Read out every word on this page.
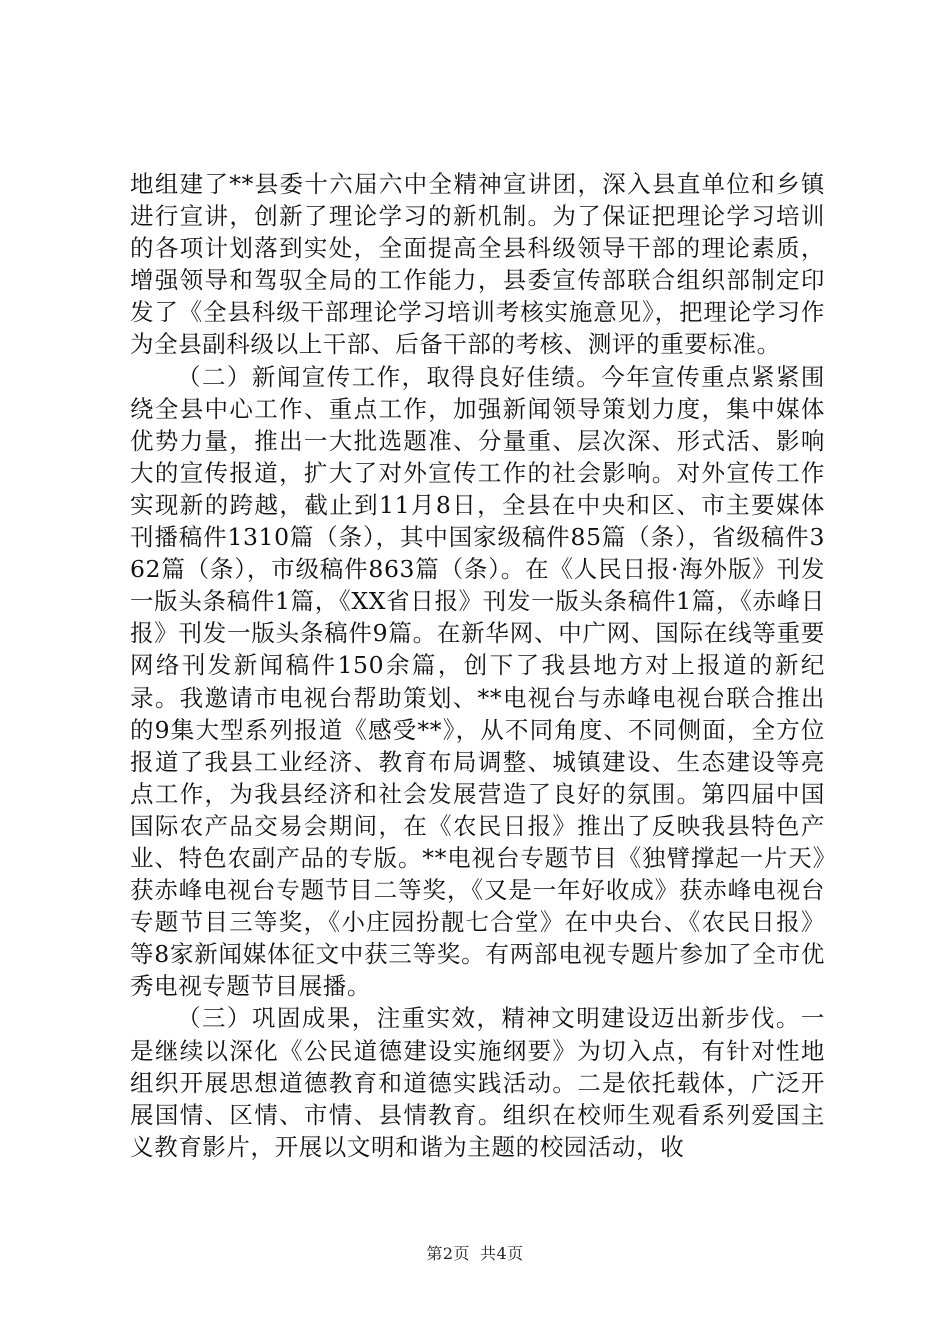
地组建了**县委十六届六中全精神宣讲团，深入县直单位和乡镇进行宣讲，创新了理论学习的新机制。为了保证把理论学习培训的各项计划落到实处，全面提高全县科级领导干部的理论素质，增强领导和驾驭全局的工作能力，县委宣传部联合组织部制定印发了《全县科级干部理论学习培训考核实施意见》，把理论学习作为全县副科级以上干部、后备干部的考核、测评的重要标准。

（二）新闻宣传工作，取得良好佳绩。今年宣传重点紧紧围绕全县中心工作、重点工作，加强新闻领导策划力度，集中媒体优势力量，推出一大批选题准、分量重、层次深、形式活、影响大的宣传报道，扩大了对外宣传工作的社会影响。对外宣传工作实现新的跨越，截止到11月8日，全县在中央和区、市主要媒体刊播稿件1310篇（条），其中国家级稿件85篇（条），省级稿件362篇（条），市级稿件863篇（条）。在《人民日报·海外版》刊发一版头条稿件1篇，《XX省日报》刊发一版头条稿件1篇，《赤峰日报》刊发一版头条稿件9篇。在新华网、中广网、国际在线等重要网络刊发新闻稿件150余篇，创下了我县地方对上报道的新纪录。我邀请市电视台帮助策划、**电视台与赤峰电视台联合推出的9集大型系列报道《感受**》，从不同角度、不同侧面，全方位报道了我县工业经济、教育布局调整、城镇建设、生态建设等亮点工作，为我县经济和社会发展营造了良好的氛围。第四届中国国际农产品交易会期间，在《农民日报》推出了反映我县特色产业、特色农副产品的专版。**电视台专题节目《独臂撑起一片天》获赤峰电视台专题节目二等奖，《又是一年好收成》获赤峰电视台专题节目三等奖，《小庄园扮靓七合堂》在中央台、《农民日报》等8家新闻媒体征文中获三等奖。有两部电视专题片参加了全市优秀电视专题节目展播。

（三）巩固成果，注重实效，精神文明建设迈出新步伐。一是继续以深化《公民道德建设实施纲要》为切入点，有针对性地组织开展思想道德教育和道德实践活动。二是依托载体，广泛开展国情、区情、市情、县情教育。组织在校师生观看系列爱国主义教育影片，开展以文明和谐为主题的校园活动，收

第2页 共4页
